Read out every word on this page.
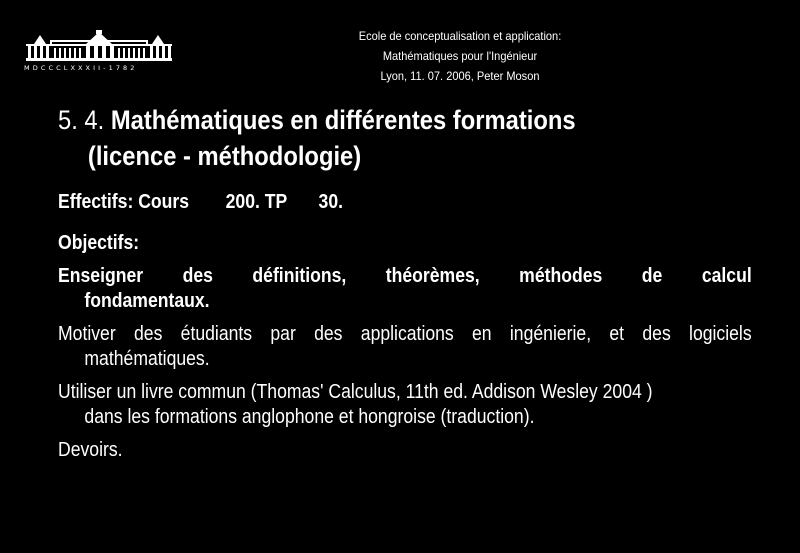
MDCCCLXXXII-1782
Ecole de conceptualisation et application:
Mathématiques pour l'Ingénieur
Lyon, 11. 07. 2006, Peter Moson
5. 4. Mathématiques en différentes formations
(licence - méthodologie)
Effectifs: Cours 200. TP 30.
Objectifs:
Enseigner des définitions, théorèmes, méthodes de calcul
fondamentaux.
Motiver des étudiants par des applications en ingénierie, et des logiciels
mathématiques.
Utiliser un livre commun (Thomas' Calculus, 11th ed. Addison Wesley 2004 )
dans les formations anglophone et hongroise (traduction).
Devoirs.
